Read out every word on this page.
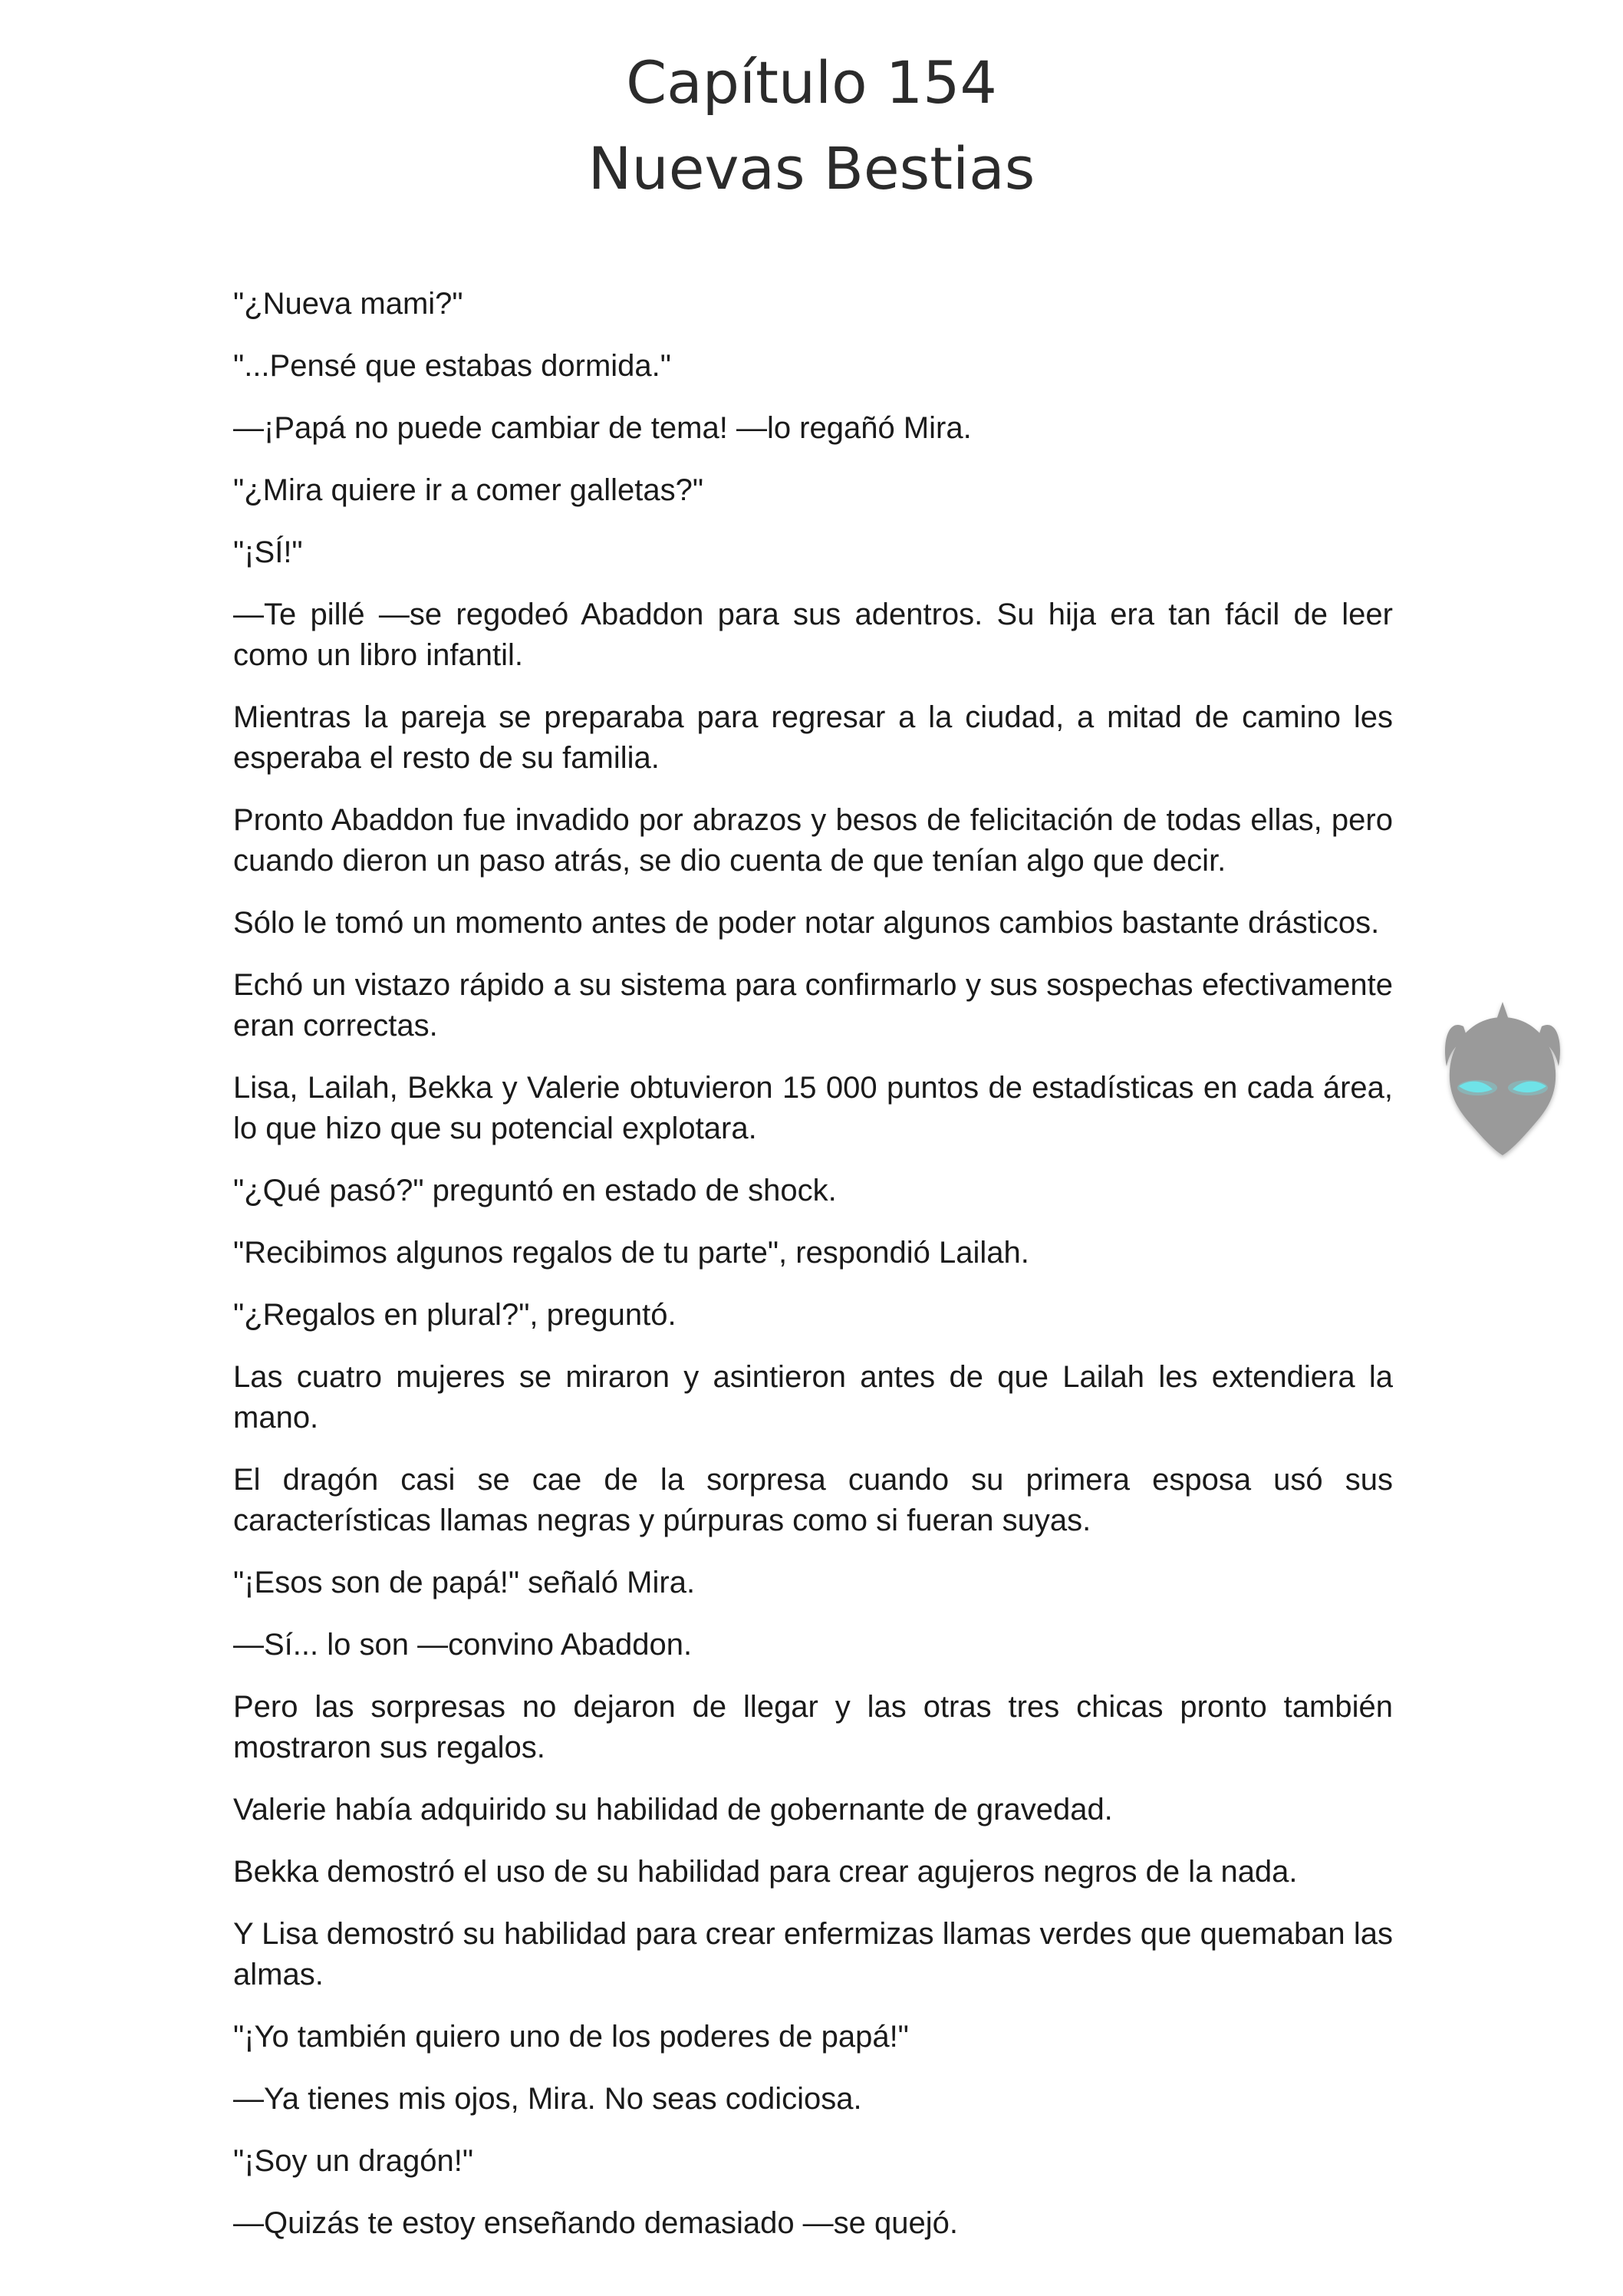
Capítulo 154
Nuevas Bestias

"¿Nueva mami?"

"...Pensé que estabas dormida."

—¡Papá no puede cambiar de tema! —lo regañó Mira.

"¿Mira quiere ir a comer galletas?"

"¡SÍ!"

—Te pillé —se regodeó Abaddon para sus adentros. Su hija era tan fácil de leer como un libro infantil.

Mientras la pareja se preparaba para regresar a la ciudad, a mitad de camino les esperaba el resto de su familia.

Pronto Abaddon fue invadido por abrazos y besos de felicitación de todas ellas, pero cuando dieron un paso atrás, se dio cuenta de que tenían algo que decir.

Sólo le tomó un momento antes de poder notar algunos cambios bastante drásticos.

Echó un vistazo rápido a su sistema para confirmarlo y sus sospechas efectivamente eran correctas.

Lisa, Lailah, Bekka y Valerie obtuvieron 15 000 puntos de estadísticas en cada área, lo que hizo que su potencial explotara.

"¿Qué pasó?" preguntó en estado de shock.

"Recibimos algunos regalos de tu parte", respondió Lailah.

"¿Regalos en plural?", preguntó.

Las cuatro mujeres se miraron y asintieron antes de que Lailah les extendiera la mano.

El dragón casi se cae de la sorpresa cuando su primera esposa usó sus características llamas negras y púrpuras como si fueran suyas.

"¡Esos son de papá!" señaló Mira.

—Sí... lo son —convino Abaddon.

Pero las sorpresas no dejaron de llegar y las otras tres chicas pronto también mostraron sus regalos.

Valerie había adquirido su habilidad de gobernante de gravedad.

Bekka demostró el uso de su habilidad para crear agujeros negros de la nada.

Y Lisa demostró su habilidad para crear enfermizas llamas verdes que quemaban las almas.

"¡Yo también quiero uno de los poderes de papá!"

—Ya tienes mis ojos, Mira. No seas codiciosa.

"¡Soy un dragón!"

—Quizás te estoy enseñando demasiado —se quejó.
